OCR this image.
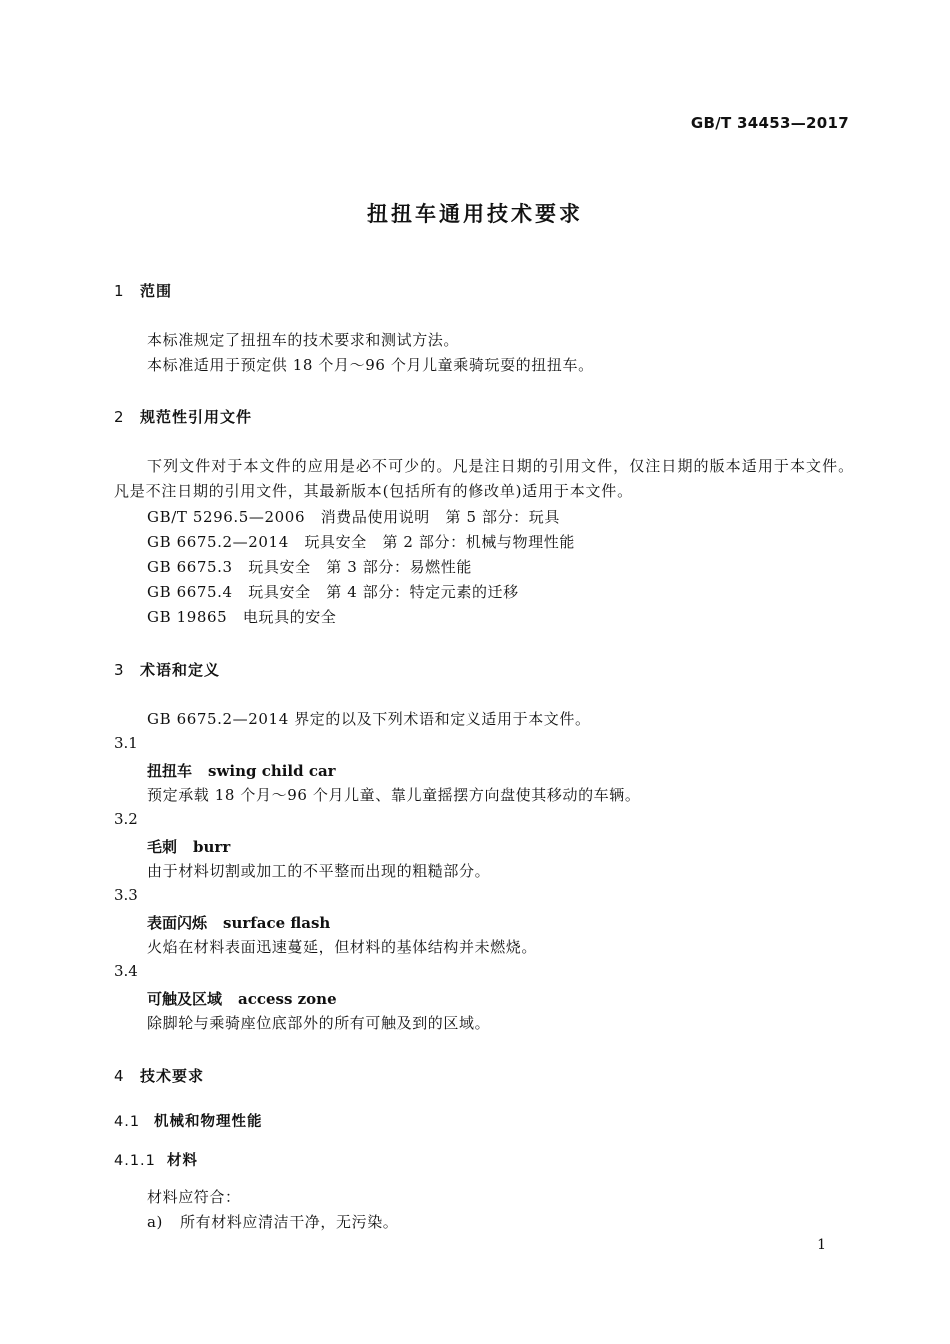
GB/T 34453—2017
扭扭车通用技术要求
1 范围
本标准规定了扭扭车的技术要求和测试方法。
本标准适用于预定供 18 个月～96 个月儿童乘骑玩耍的扭扭车。
2 规范性引用文件
下列文件对于本文件的应用是必不可少的。凡是注日期的引用文件，仅注日期的版本适用于本文件。凡是不注日期的引用文件，其最新版本(包括所有的修改单)适用于本文件。
GB/T 5296.5—2006　 消费品使用说明　第 5 部分：玩具
GB 6675.2—2014　 玩具安全　第 2 部分：机械与物理性能
GB 6675.3　 玩具安全　第 3 部分：易燃性能
GB 6675.4　 玩具安全　第 4 部分：特定元素的迁移
GB 19865　 电玩具的安全
3 术语和定义
GB 6675.2—2014 界定的以及下列术语和定义适用于本文件。
3.1
扭扭车 swing child car
预定承载 18 个月～96 个月儿童、靠儿童摇摆方向盘使其移动的车辆。
3.2
毛刺 burr
由于材料切割或加工的不平整而出现的粗糙部分。
3.3
表面闪烁 surface flash
火焰在材料表面迅速蔓延，但材料的基体结构并未燃烧。
3.4
可触及区域 access zone
除脚轮与乘骑座位底部外的所有可触及到的区域。
4 技术要求
4.1 机械和物理性能
4.1.1 材料
材料应符合：
a) 所有材料应清洁干净，无污染。
1
